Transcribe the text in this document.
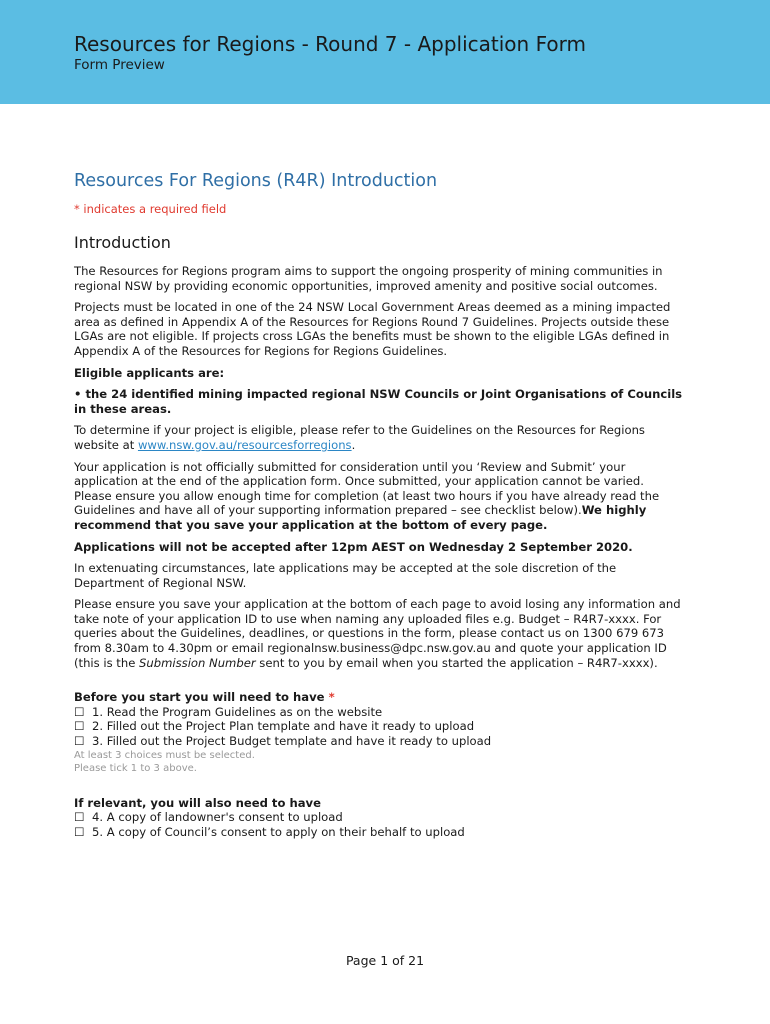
Resources for Regions - Round 7 - Application Form
Form Preview
Resources For Regions (R4R) Introduction
* indicates a required field
Introduction

The Resources for Regions program aims to support the ongoing prosperity of mining communities in regional NSW by providing economic opportunities, improved amenity and positive social outcomes.

Projects must be located in one of the 24 NSW Local Government Areas deemed as a mining impacted area as defined in Appendix A of the Resources for Regions Round 7 Guidelines. Projects outside these LGAs are not eligible. If projects cross LGAs the benefits must be shown to the eligible LGAs defined in Appendix A of the Resources for Regions for Regions Guidelines.

Eligible applicants are:

• the 24 identified mining impacted regional NSW Councils or Joint Organisations of Councils in these areas.

To determine if your project is eligible, please refer to the Guidelines on the Resources for Regions website at www.nsw.gov.au/resourcesforregions.

Your application is not officially submitted for consideration until you ‘Review and Submit’ your application at the end of the application form. Once submitted, your application cannot be varied. Please ensure you allow enough time for completion (at least two hours if you have already read the Guidelines and have all of your supporting information prepared – see checklist below).We highly recommend that you save your application at the bottom of every page.

Applications will not be accepted after 12pm AEST on Wednesday 2 September 2020.

In extenuating circumstances, late applications may be accepted at the sole discretion of the Department of Regional NSW.

Please ensure you save your application at the bottom of each page to avoid losing any information and take note of your application ID to use when naming any uploaded files e.g. Budget – R4R7-xxxx. For queries about the Guidelines, deadlines, or questions in the form, please contact us on 1300 679 673 from 8.30am to 4.30pm or email regionalnsw.business@dpc.nsw.gov.au and quote your application ID (this is the Submission Number sent to you by email when you started the application – R4R7-xxxx).

Before you start you will need to have *
☐ 1. Read the Program Guidelines as on the website
☐ 2. Filled out the Project Plan template and have it ready to upload
☐ 3. Filled out the Project Budget template and have it ready to upload
At least 3 choices must be selected.
Please tick 1 to 3 above.
If relevant, you will also need to have
☐ 4. A copy of landowner's consent to upload
☐ 5. A copy of Council’s consent to apply on their behalf to upload
Page 1 of 21
